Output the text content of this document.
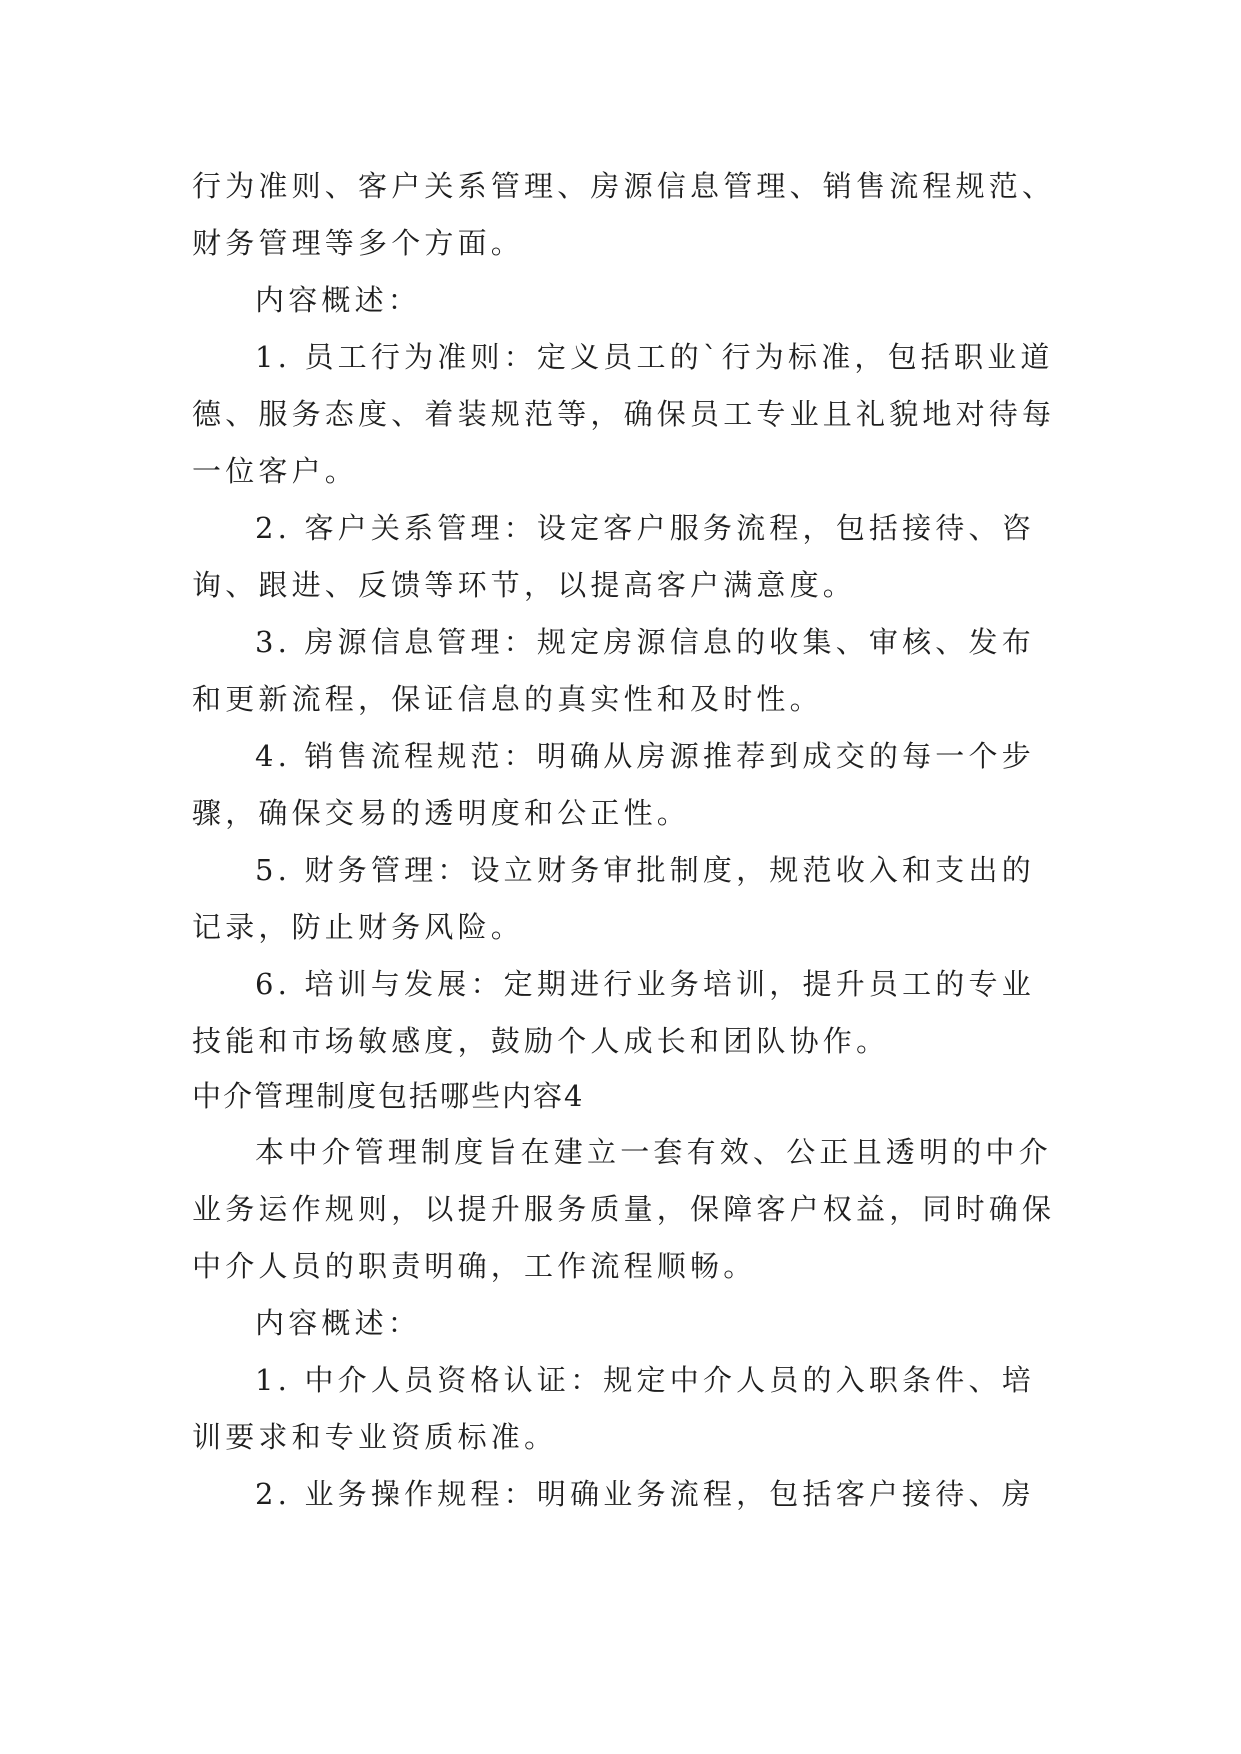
行为准则、客户关系管理、房源信息管理、销售流程规范、
财务管理等多个方面。
内容概述：
1. 员工行为准则：定义员工的`行为标准，包括职业道
德、服务态度、着装规范等，确保员工专业且礼貌地对待每
一位客户。
2. 客户关系管理：设定客户服务流程，包括接待、咨
询、跟进、反馈等环节，以提高客户满意度。
3. 房源信息管理：规定房源信息的收集、审核、发布
和更新流程，保证信息的真实性和及时性。
4. 销售流程规范：明确从房源推荐到成交的每一个步
骤，确保交易的透明度和公正性。
5. 财务管理：设立财务审批制度，规范收入和支出的
记录，防止财务风险。
6. 培训与发展：定期进行业务培训，提升员工的专业
技能和市场敏感度，鼓励个人成长和团队协作。
中介管理制度包括哪些内容4
本中介管理制度旨在建立一套有效、公正且透明的中介
业务运作规则，以提升服务质量，保障客户权益，同时确保
中介人员的职责明确，工作流程顺畅。
内容概述：
1. 中介人员资格认证：规定中介人员的入职条件、培
训要求和专业资质标准。
2. 业务操作规程：明确业务流程，包括客户接待、房
